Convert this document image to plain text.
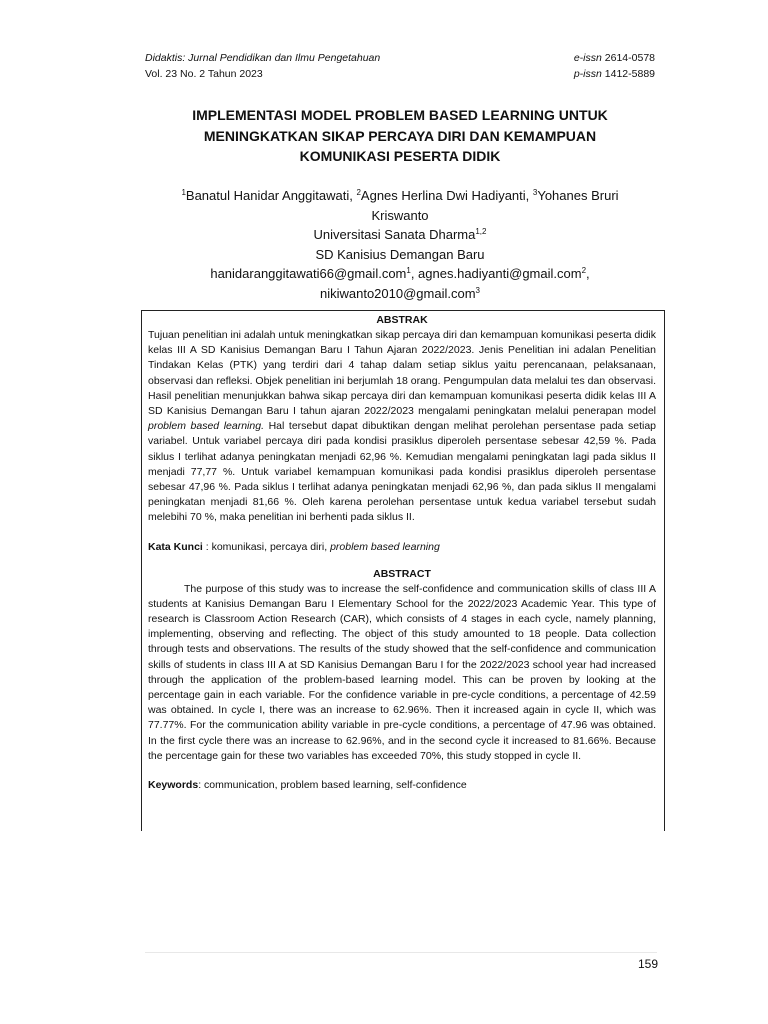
Didaktis: Jurnal Pendidikan dan Ilmu Pengetahuan
Vol. 23 No. 2 Tahun 2023
e-issn 2614-0578
p-issn 1412-5889
IMPLEMENTASI MODEL PROBLEM BASED LEARNING UNTUK
MENINGKATKAN SIKAP PERCAYA DIRI DAN KEMAMPUAN
KOMUNIKASI PESERTA DIDIK
$^1$Banatul Hanidar Anggitawati, $^2$Agnes Herlina Dwi Hadiyanti, $^3$Yohanes Bruri
Kriswanto
Universitasi Sanata Dharma$^{1,2}$
SD Kanisius Demangan Baru
hanidaranggitawati66@gmail.com$^1$, agnes.hadiyanti@gmail.com$^2$,
nikiwanto2010@gmail.com$^3$

ABSTRAK

Tujuan penelitian ini adalah untuk meningkatkan sikap percaya diri dan kemampuan komunikasi peserta didik kelas III A SD Kanisius Demangan Baru I Tahun Ajaran 2022/2023. Jenis Penelitian ini adalan Penelitian Tindakan Kelas (PTK) yang terdiri dari 4 tahap dalam setiap siklus yaitu perencanaan, pelaksanaan, observasi dan refleksi. Objek penelitian ini berjumlah 18 orang. Pengumpulan data melalui tes dan observasi. Hasil penelitian menunjukkan bahwa sikap percaya diri dan kemampuan komunikasi peserta didik kelas III A SD Kanisius Demangan Baru I tahun ajaran 2022/2023 mengalami peningkatan melalui penerapan model problem based learning. Hal tersebut dapat dibuktikan dengan melihat perolehan persentase pada setiap variabel. Untuk variabel percaya diri pada kondisi prasiklus diperoleh persentase sebesar 42,59 %. Pada siklus I terlihat adanya peningkatan menjadi 62,96 %. Kemudian mengalami peningkatan lagi pada siklus II menjadi 77,77 %. Untuk variabel kemampuan komunikasi pada kondisi prasiklus diperoleh persentase sebesar 47,96 %. Pada siklus I terlihat adanya peningkatan menjadi 62,96 %, dan pada siklus II mengalami peningkatan menjadi 81,66 %. Oleh karena perolehan persentase untuk kedua variabel tersebut sudah melebihi 70 %, maka penelitian ini berhenti pada siklus II.

Kata Kunci : komunikasi, percaya diri, problem based learning

ABSTRACT

The purpose of this study was to increase the self-confidence and communication skills of class III A students at Kanisius Demangan Baru I Elementary School for the 2022/2023 Academic Year. This type of research is Classroom Action Research (CAR), which consists of 4 stages in each cycle, namely planning, implementing, observing and reflecting. The object of this study amounted to 18 people. Data collection through tests and observations. The results of the study showed that the self-confidence and communication skills of students in class III A at SD Kanisius Demangan Baru I for the 2022/2023 school year had increased through the application of the problem-based learning model. This can be proven by looking at the percentage gain in each variable. For the confidence variable in pre-cycle conditions, a percentage of 42.59 was obtained. In cycle I, there was an increase to 62.96%. Then it increased again in cycle II, which was 77.77%. For the communication ability variable in pre-cycle conditions, a percentage of 47.96 was obtained. In the first cycle there was an increase to 62.96%, and in the second cycle it increased to 81.66%. Because the percentage gain for these two variables has exceeded 70%, this study stopped in cycle II.

Keywords: communication, problem based learning, self-confidence

159
